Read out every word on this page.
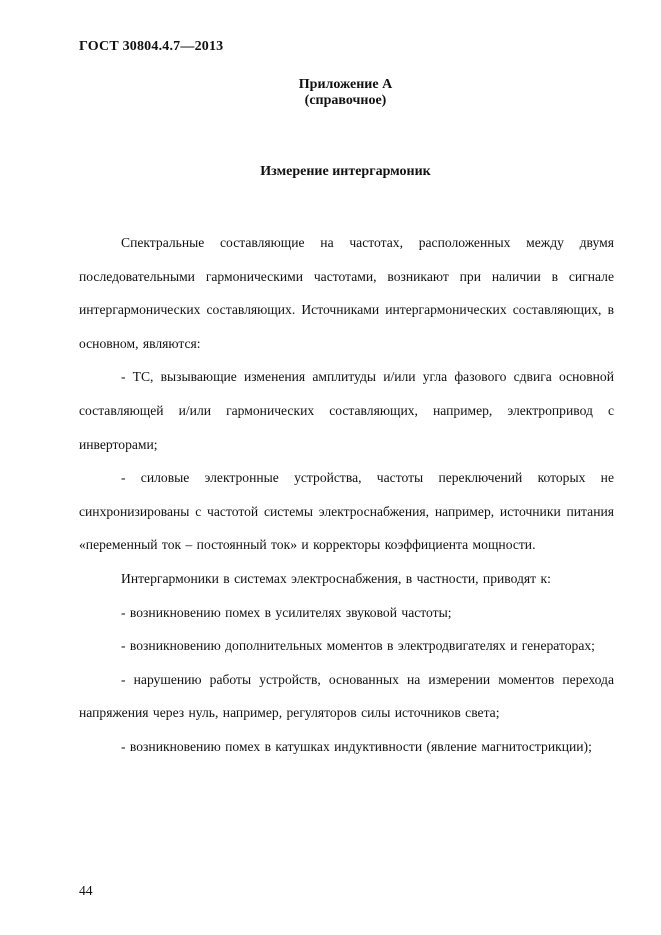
ГОСТ 30804.4.7—2013
Приложение А
(справочное)
Измерение интергармоник

Спектральные составляющие на частотах, расположенных между двумя последовательными гармоническими частотами, возникают при наличии в сигнале интергармонических составляющих. Источниками интергармонических составляющих, в основном, являются:

- ТС, вызывающие изменения амплитуды и/или угла фазового сдвига основной составляющей и/или гармонических составляющих, например, электропривод с инверторами;

- силовые электронные устройства, частоты переключений которых не синхронизированы с частотой системы электроснабжения, например, источники питания «переменный ток – постоянный ток» и корректоры коэффициента мощности.

Интергармоники в системах электроснабжения, в частности, приводят к:

- возникновению помех в усилителях звуковой частоты;

- возникновению дополнительных моментов в электродвигателях и генераторах;

- нарушению работы устройств, основанных на измерении моментов перехода напряжения через нуль, например, регуляторов силы источников света;

- возникновению помех в катушках индуктивности (явление магнитострикции);

44
